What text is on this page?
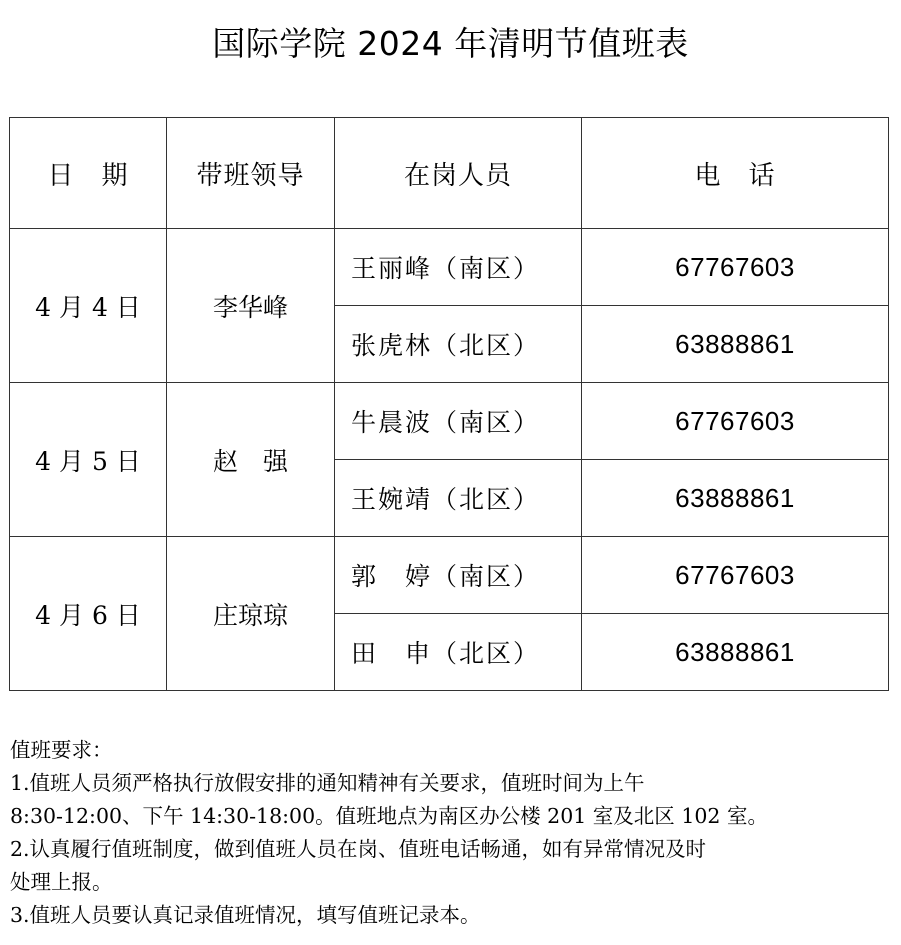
国际学院 2024 年清明节值班表
日　期	带班领导	在岗人员	电　话
4 月 4 日	李华峰	王丽峰（南区）	67767603
		张虎林（北区）	63888861
4 月 5 日	赵　强	牛晨波（南区）	67767603
		王婉靖（北区）	63888861
4 月 6 日	庄琼琼	郭　婷（南区）	67767603
		田　申（北区）	63888861
值班要求：
1.值班人员须严格执行放假安排的通知精神有关要求，值班时间为上午
8:30-12:00、下午 14:30-18:00。值班地点为南区办公楼 201 室及北区 102 室。
2.认真履行值班制度，做到值班人员在岗、值班电话畅通，如有异常情况及时
处理上报。
3.值班人员要认真记录值班情况，填写值班记录本。
